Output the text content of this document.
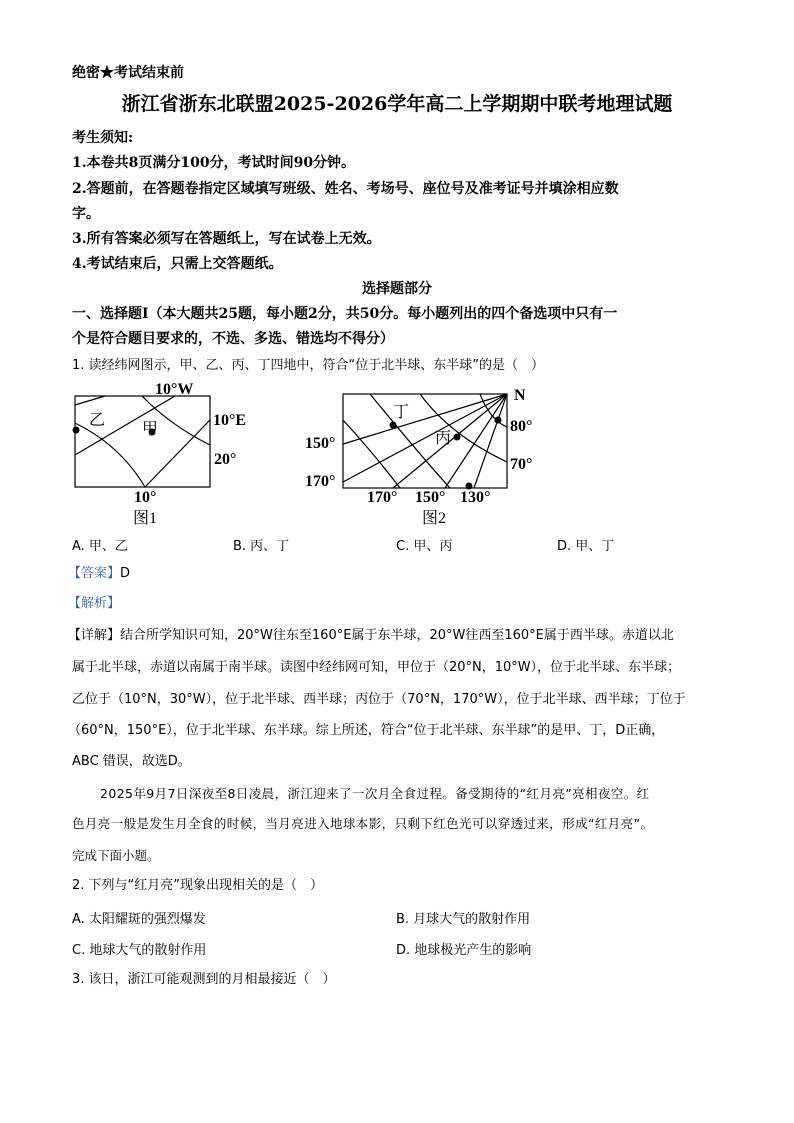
绝密★考试结束前
浙江省浙东北联盟2025-2026学年高二上学期期中联考地理试题
考生须知:
1.本卷共8页满分100分，考试时间90分钟。
2.答题前，在答题卷指定区域填写班级、姓名、考场号、座位号及准考证号并填涂相应数
字。
3.所有答案必须写在答题纸上，写在试卷上无效。
4.考试结束后，只需上交答题纸。
选择题部分
一、选择题Ⅰ（本大题共25题，每小题2分，共50分。每小题列出的四个备选项中只有一
个是符合题目要求的，不选、多选、错选均不得分）
1. 读经纬网图示，甲、乙、丙、丁四地中，符合“位于北半球、东半球”的是（　）
10°W
10°E
20°
10°
乙
甲
图1
N
80°
70°
150°
170°
170° 150° 130°
丁
丙
图2
A. 甲、乙	B. 丙、丁	C. 甲、丙	D. 甲、丁
【答案】D
【解析】
【详解】结合所学知识可知，20°W往东至160°E属于东半球，20°W往西至160°E属于西半球。赤道以北
属于北半球，赤道以南属于南半球。读图中经纬网可知，甲位于（20°N，10°W），位于北半球、东半球；
乙位于（10°N，30°W），位于北半球、西半球；丙位于（70°N，170°W），位于北半球、西半球；丁位于
（60°N，150°E），位于北半球、东半球。综上所述，符合“位于北半球、东半球”的是甲、丁，D正确，
ABC 错误，故选D。
2025年9月7日深夜至8日凌晨，浙江迎来了一次月全食过程。备受期待的“红月亮”亮相夜空。红
色月亮一般是发生月全食的时候，当月亮进入地球本影，只剩下红色光可以穿透过来，形成“红月亮”。
完成下面小题。
2. 下列与“红月亮”现象出现相关的是（　）
A. 太阳耀斑的强烈爆发	B. 月球大气的散射作用
C. 地球大气的散射作用	D. 地球极光产生的影响
3. 该日，浙江可能观测到的月相最接近（　）
